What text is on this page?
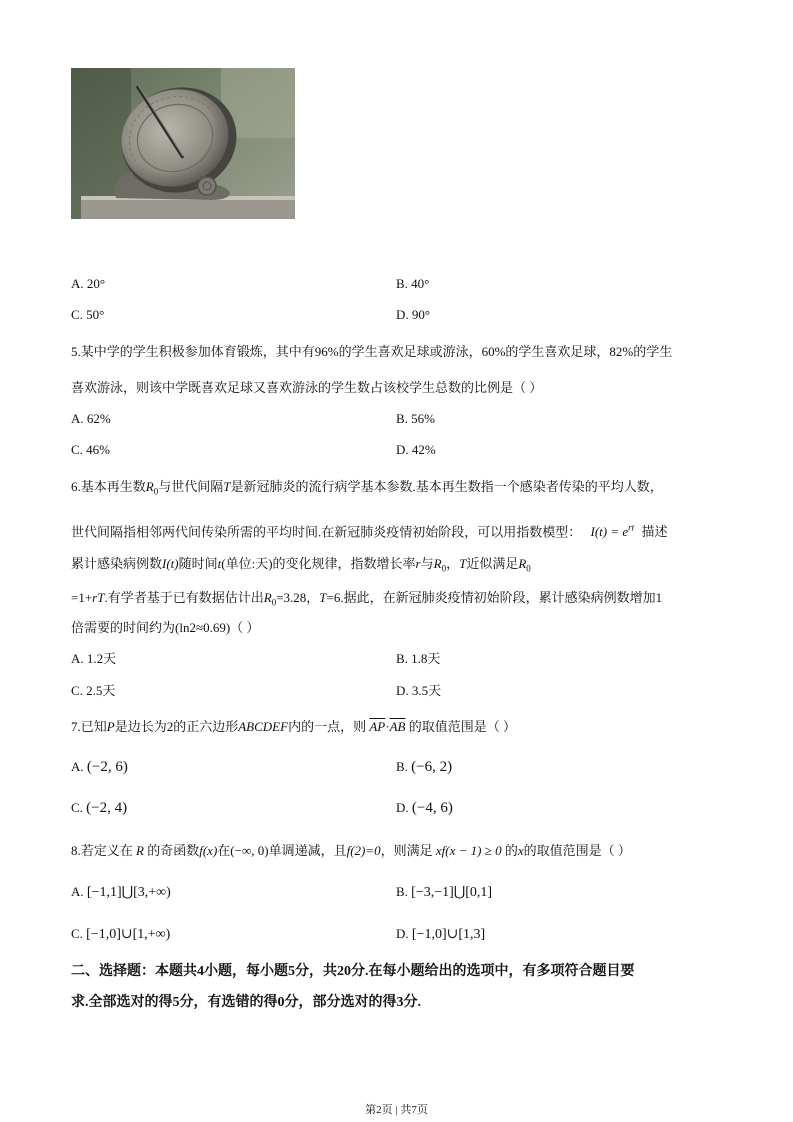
A. 20°	B. 40°
C. 50°	D. 90°
5.某中学的学生积极参加体育锻炼，其中有96%的学生喜欢足球或游泳，60%的学生喜欢足球，82%的学生
喜欢游泳，则该中学既喜欢足球又喜欢游泳的学生数占该校学生总数的比例是（ ）
A. 62%	B. 56%
C. 46%	D. 42%
6.基本再生数$R_0$与世代间隔T是新冠肺炎的流行病学基本参数.基本再生数指一个感染者传染的平均人数，
世代间隔指相邻两代间传染所需的平均时间.在新冠肺炎疫情初始阶段，可以用指数模型： $I(t) = e^{rt}$ 描述
累计感染病例数I(t)随时间t(单位:天)的变化规律，指数增长率r与$R_0$，T近似满足$R_0$
=1+rT.有学者基于已有数据估计出$R_0=3.28$，T=6.据此，在新冠肺炎疫情初始阶段，累计感染病例数增加1
倍需要的时间约为(ln2≈0.69)（ ）
A. 1.2天	B. 1.8天
C. 2.5天	D. 3.5天
7.已知P是边长为2的正六边形ABCDEF内的一点，则 $\overline{AP}\cdot\overline{AB}$ 的取值范围是（ ）
A. (−2, 6)	B. (−6, 2)
C. (−2, 4)	D. (−4, 6)
8.若定义在 R 的奇函数f(x)在(−∞, 0)单调递减，且f(2)=0，则满足 xf(x − 1) ≥ 0 的x的取值范围是（ ）
A. [−1,1]⋃[3,+∞)	B. [−3,−1]⋃[0,1]
C. [−1,0]∪[1,+∞)	D. [−1,0]∪[1,3]
二、选择题：本题共4小题，每小题5分，共20分.在每小题给出的选项中，有多项符合题目要
求.全部选对的得5分，有选错的得0分，部分选对的得3分.
第2页 | 共7页
